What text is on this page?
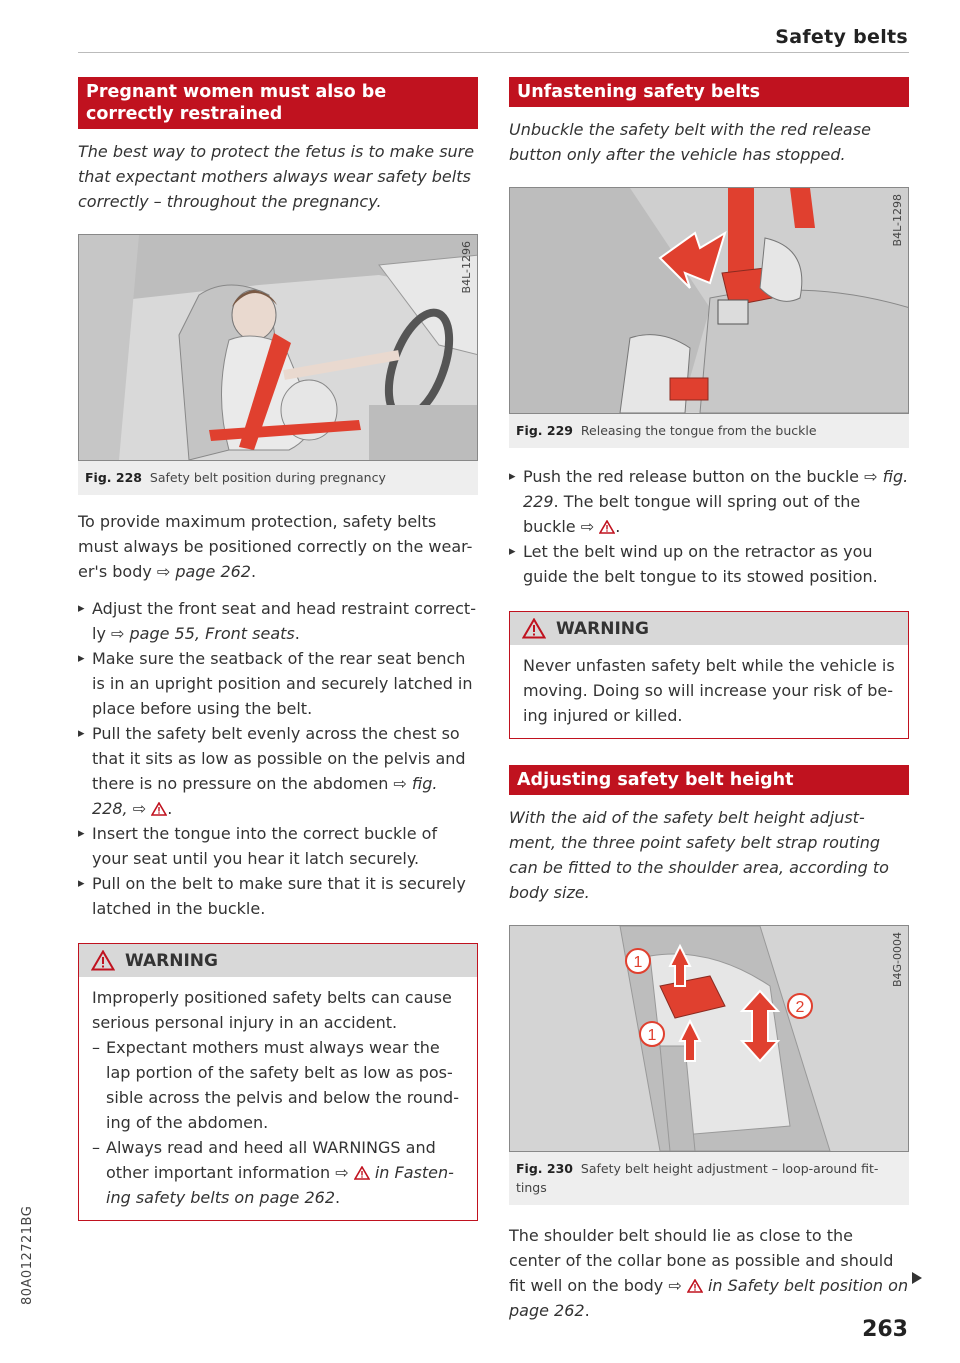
Safety belts
Pregnant women must also be correctly restrained
The best way to protect the fetus is to make sure that expectant mothers always wear safety belts correctly – throughout the pregnancy.
B4L-1296
Fig. 228 Safety belt position during pregnancy
To provide maximum protection, safety belts must always be positioned correctly on the wear-er's body ⇨ page 262.
▸ Adjust the front seat and head restraint correct-ly ⇨ page 55, Front seats.
▸ Make sure the seatback of the rear seat bench is in an upright position and securely latched in place before using the belt.
▸ Pull the safety belt evenly across the chest so that it sits as low as possible on the pelvis and there is no pressure on the abdomen ⇨ fig. 228, ⇨ .
▸ Insert the tongue into the correct buckle of your seat until you hear it latch securely.
▸ Pull on the belt to make sure that it is securely latched in the buckle.
WARNING
Improperly positioned safety belts can cause serious personal injury in an accident.
– Expectant mothers must always wear the lap portion of the safety belt as low as pos-sible across the pelvis and below the round-ing of the abdomen.
– Always read and heed all WARNINGS and other important information ⇨  in Fasten-ing safety belts on page 262.
Unfastening safety belts
Unbuckle the safety belt with the red release button only after the vehicle has stopped.
B4L-1298
Fig. 229 Releasing the tongue from the buckle
▸ Push the red release button on the buckle ⇨ fig. 229. The belt tongue will spring out of the buckle ⇨ .
▸ Let the belt wind up on the retractor as you guide the belt tongue to its stowed position.
WARNING
Never unfasten safety belt while the vehicle is moving. Doing so will increase your risk of be-ing injured or killed.
Adjusting safety belt height
With the aid of the safety belt height adjust-ment, the three point safety belt strap routing can be fitted to the shoulder area, according to body size.
1
2
1
B4G-0004
Fig. 230 Safety belt height adjustment – loop-around fit-tings
The shoulder belt should lie as close to the center of the collar bone as possible and should fit well on the body ⇨  in Safety belt position on page 262.
80A012721BG
263
